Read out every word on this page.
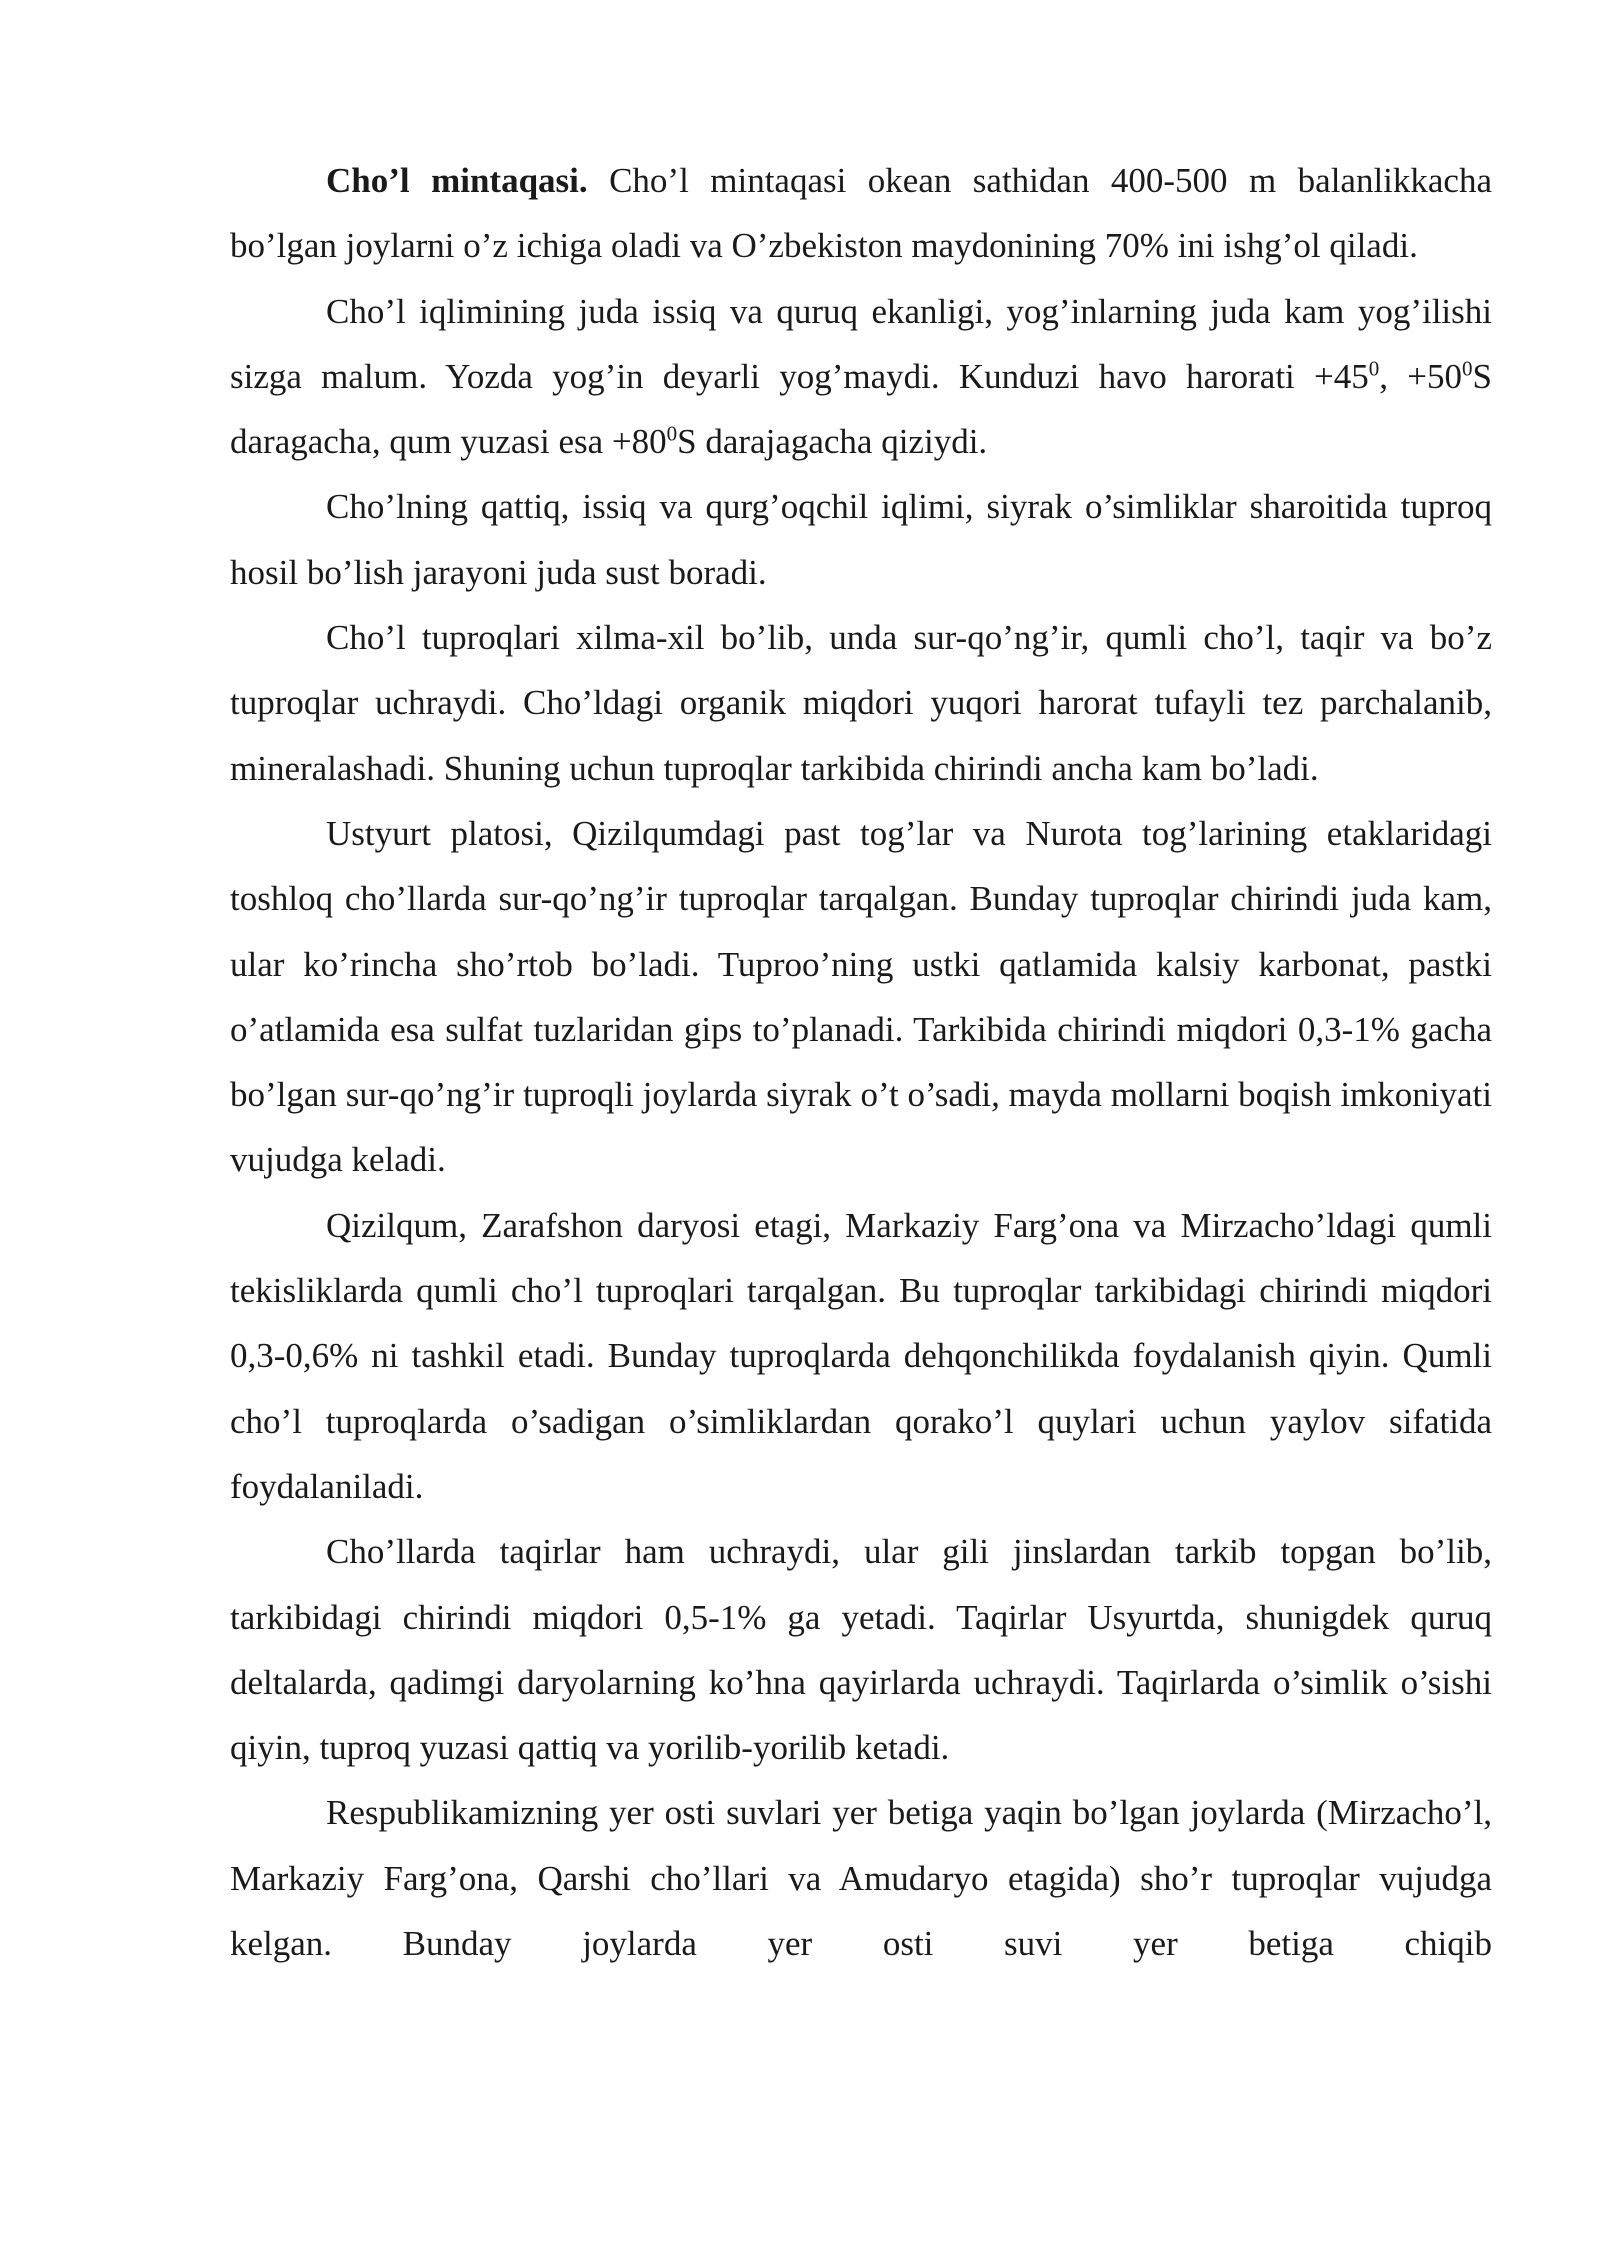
Cho’l mintaqasi. Cho’l mintaqasi okean sathidan 400-500 m balanlikkacha bo’lgan joylarni o’z ichiga oladi va O’zbekiston maydonining 70% ini ishg’ol qiladi.

Cho’l iqlimining juda issiq va quruq ekanligi, yog’inlarning juda kam yog’ilishi sizga malum. Yozda yog’in deyarli yog’maydi. Kunduzi havo harorati $+45^0$, $+50^0S$ daragacha, qum yuzasi esa $+80^0S$ darajagacha qiziydi.

Cho’lning qattiq, issiq va qurg’oqchil iqlimi, siyrak o’simliklar sharoitida tuproq hosil bo’lish jarayoni juda sust boradi.

Cho’l tuproqlari xilma-xil bo’lib, unda sur-qo’ng’ir, qumli cho’l, taqir va bo’z tuproqlar uchraydi. Cho’ldagi organik miqdori yuqori harorat tufayli tez parchalanib, mineralashadi. Shuning uchun tuproqlar tarkibida chirindi ancha kam bo’ladi.

Ustyurt platosi, Qizilqumdagi past tog’lar va Nurota tog’larining etaklaridagi toshloq cho’llarda sur-qo’ng’ir tuproqlar tarqalgan. Bunday tuproqlar chirindi juda kam, ular ko’rincha sho’rtob bo’ladi. Tuproo’ning ustki qatlamida kalsiy karbonat, pastki o’atlamida esa sulfat tuzlaridan gips to’planadi. Tarkibida chirindi miqdori 0,3-1% gacha bo’lgan sur-qo’ng’ir tuproqli joylarda siyrak o’t o’sadi, mayda mollarni boqish imkoniyati vujudga keladi.

Qizilqum, Zarafshon daryosi etagi, Markaziy Farg’ona va Mirzacho’ldagi qumli tekisliklarda qumli cho’l tuproqlari tarqalgan. Bu tuproqlar tarkibidagi chirindi miqdori 0,3-0,6% ni tashkil etadi. Bunday tuproqlarda dehqonchilikda foydalanish qiyin. Qumli cho’l tuproqlarda o’sadigan o’simliklardan qorako’l quylari uchun yaylov sifatida foydalaniladi.

Cho’llarda taqirlar ham uchraydi, ular gili jinslardan tarkib topgan bo’lib, tarkibidagi chirindi miqdori 0,5-1% ga yetadi. Taqirlar Usyurtda, shunigdek quruq deltalarda, qadimgi daryolarning ko’hna qayirlarda uchraydi. Taqirlarda o’simlik o’sishi qiyin, tuproq yuzasi qattiq va yorilib-yorilib ketadi.

Respublikamizning yer osti suvlari yer betiga yaqin bo’lgan joylarda (Mirzacho’l, Markaziy Farg’ona, Qarshi cho’llari va Amudaryo etagida) sho’r tuproqlar vujudga kelgan. Bunday joylarda yer osti suvi yer betiga chiqib
